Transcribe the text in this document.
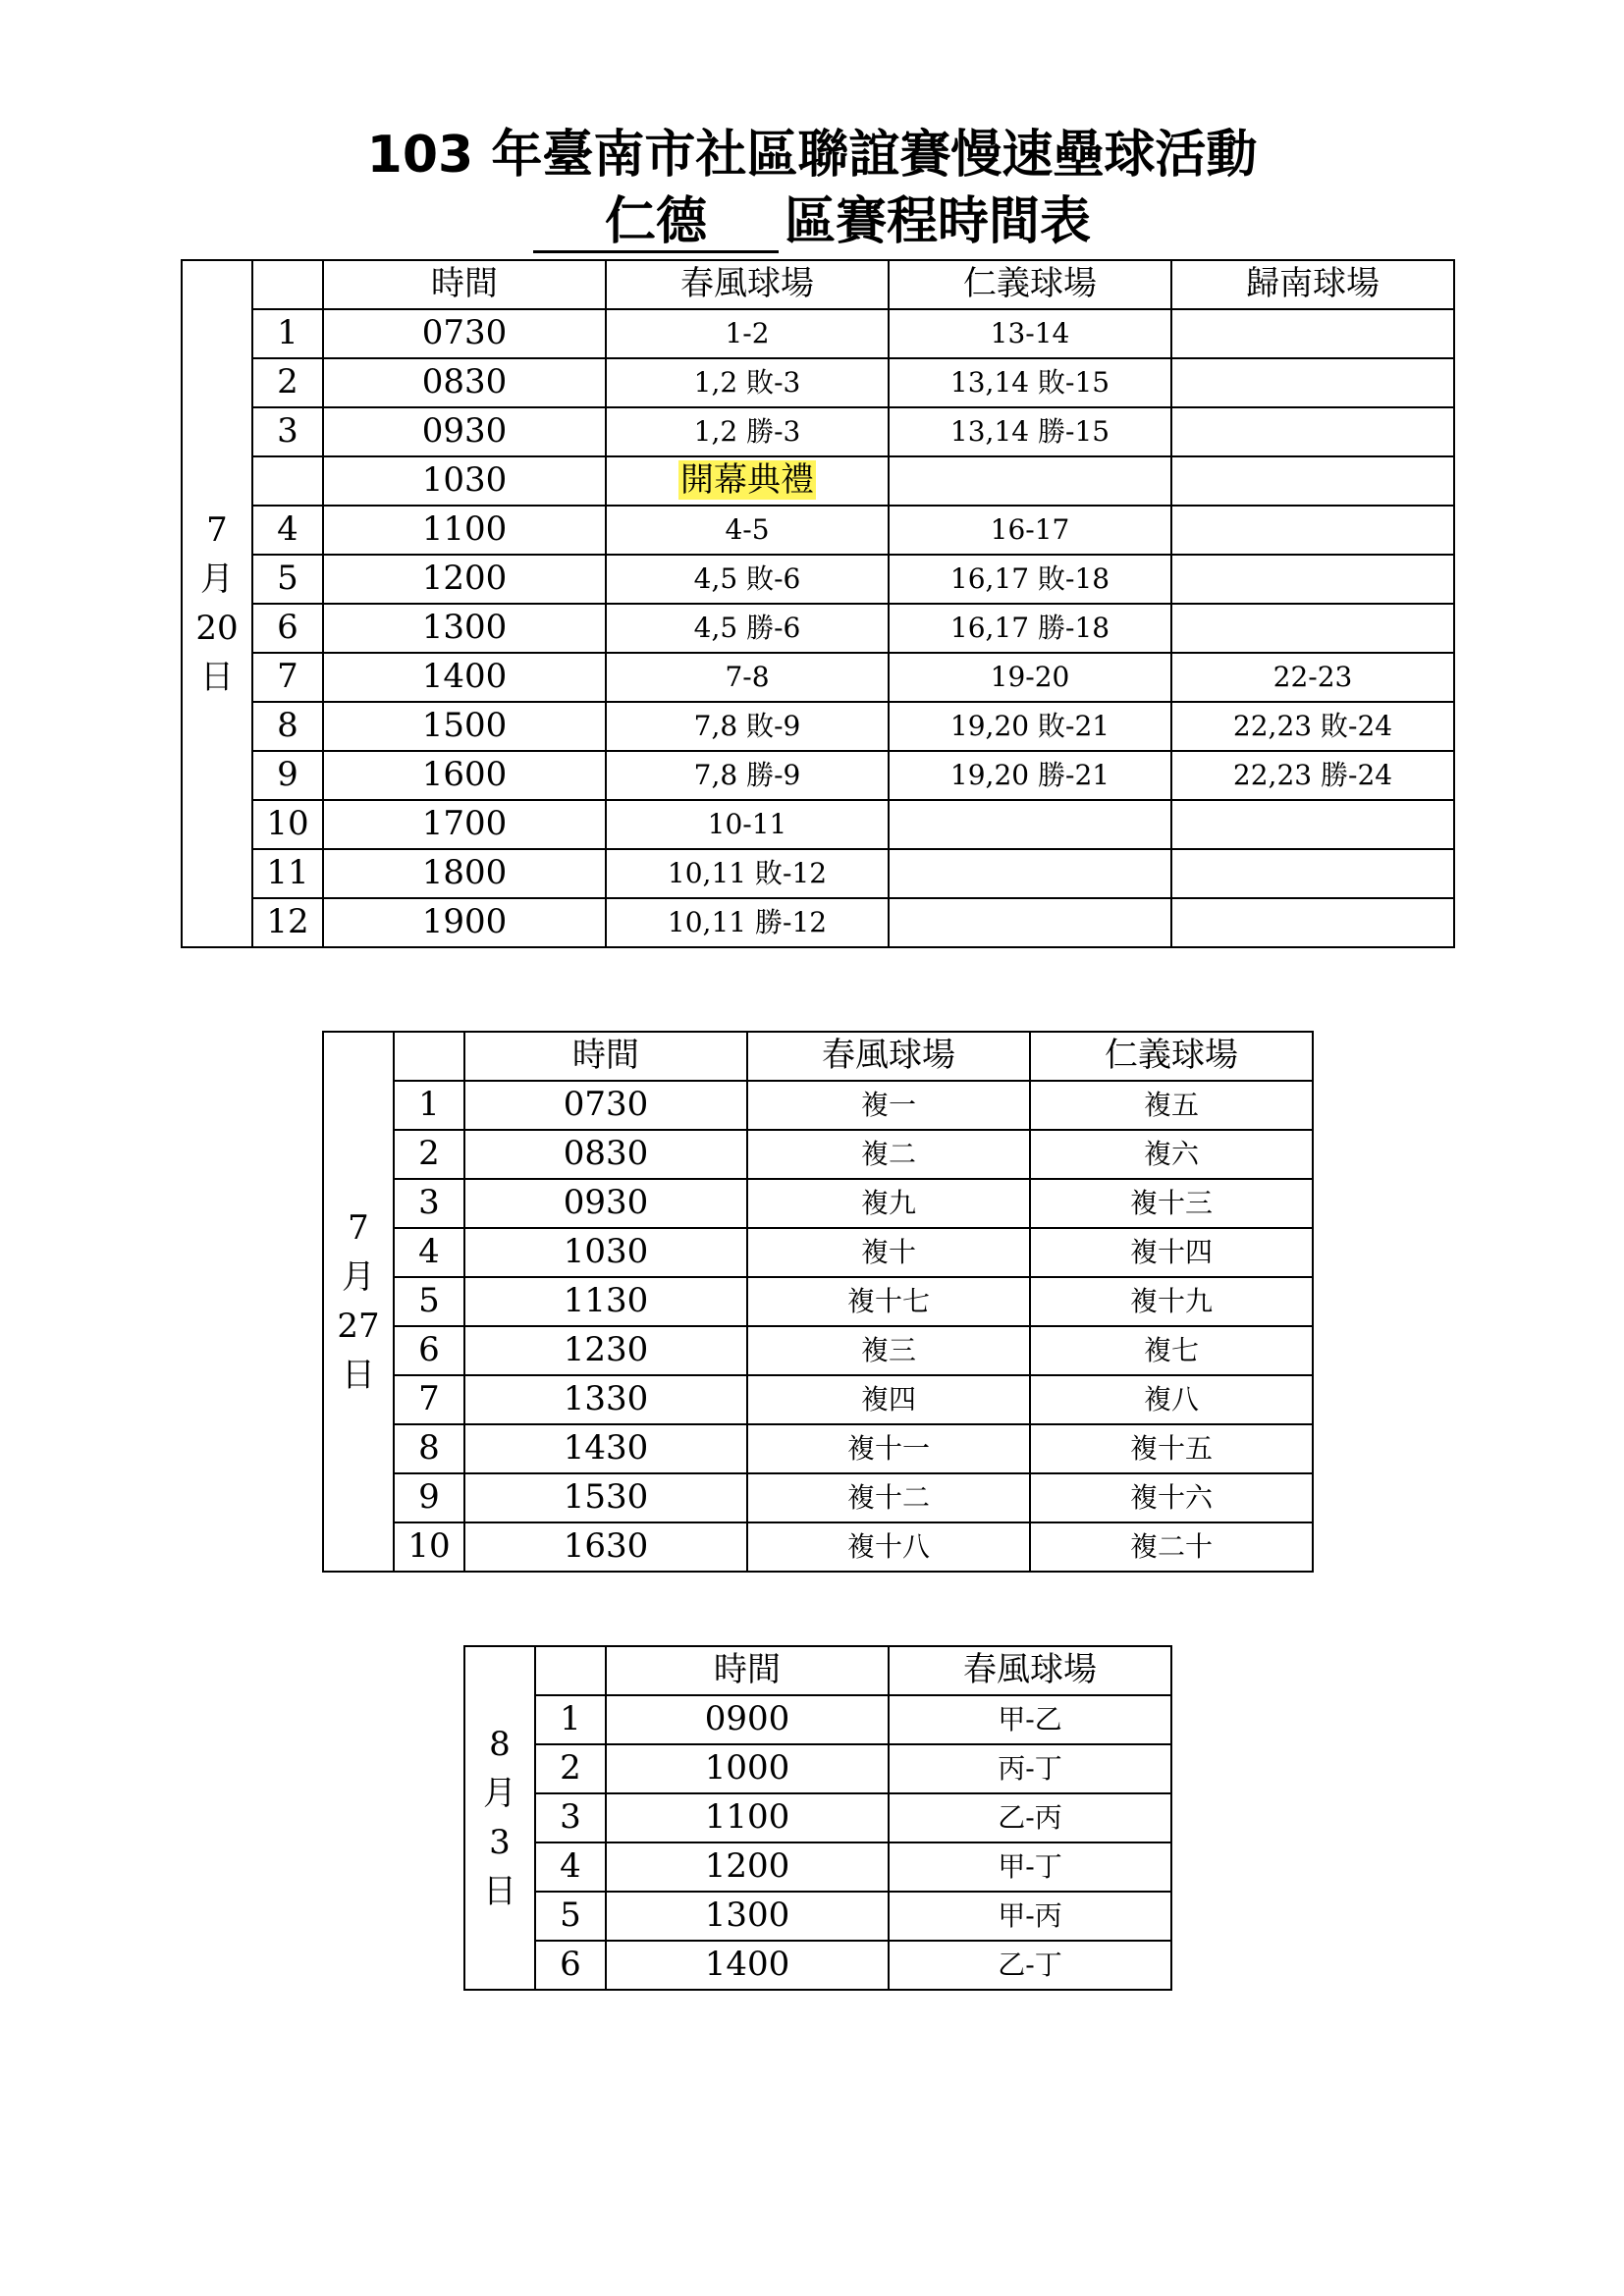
103 年臺南市社區聯誼賽慢速壘球活動
仁德 區賽程時間表
7
月
20
日		時間	春風球場	仁義球場	歸南球場
	1	0730	1-2	13-14	
	2	0830	1,2 敗-3	13,14 敗-15	
	3	0930	1,2 勝-3	13,14 勝-15	
		1030	開幕典禮		
	4	1100	4-5	16-17	
	5	1200	4,5 敗-6	16,17 敗-18	
	6	1300	4,5 勝-6	16,17 勝-18	
	7	1400	7-8	19-20	22-23
	8	1500	7,8 敗-9	19,20 敗-21	22,23 敗-24
	9	1600	7,8 勝-9	19,20 勝-21	22,23 勝-24
	10	1700	10-11		
	11	1800	10,11 敗-12		
	12	1900	10,11 勝-12		
7
月
27
日		時間	春風球場	仁義球場
	1	0730	複一	複五
	2	0830	複二	複六
	3	0930	複九	複十三
	4	1030	複十	複十四
	5	1130	複十七	複十九
	6	1230	複三	複七
	7	1330	複四	複八
	8	1430	複十一	複十五
	9	1530	複十二	複十六
	10	1630	複十八	複二十
8
月
3
日		時間	春風球場
	1	0900	甲-乙
	2	1000	丙-丁
	3	1100	乙-丙
	4	1200	甲-丁
	5	1300	甲-丙
	6	1400	乙-丁
